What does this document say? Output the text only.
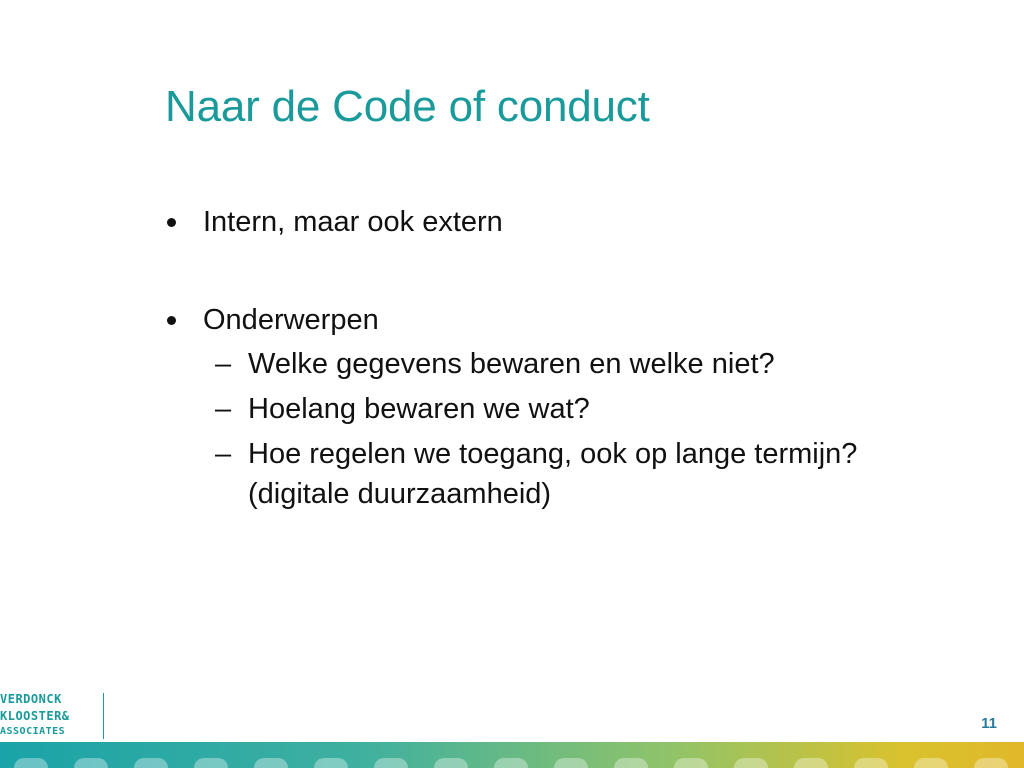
Naar de Code of conduct
Intern, maar ook extern
Onderwerpen
– Welke gegevens bewaren en welke niet?
– Hoelang bewaren we wat?
– Hoe regelen we toegang, ook op lange termijn?
(digitale duurzaamheid)
VERDONCK
KLOOSTER&
ASSOCIATES	11
